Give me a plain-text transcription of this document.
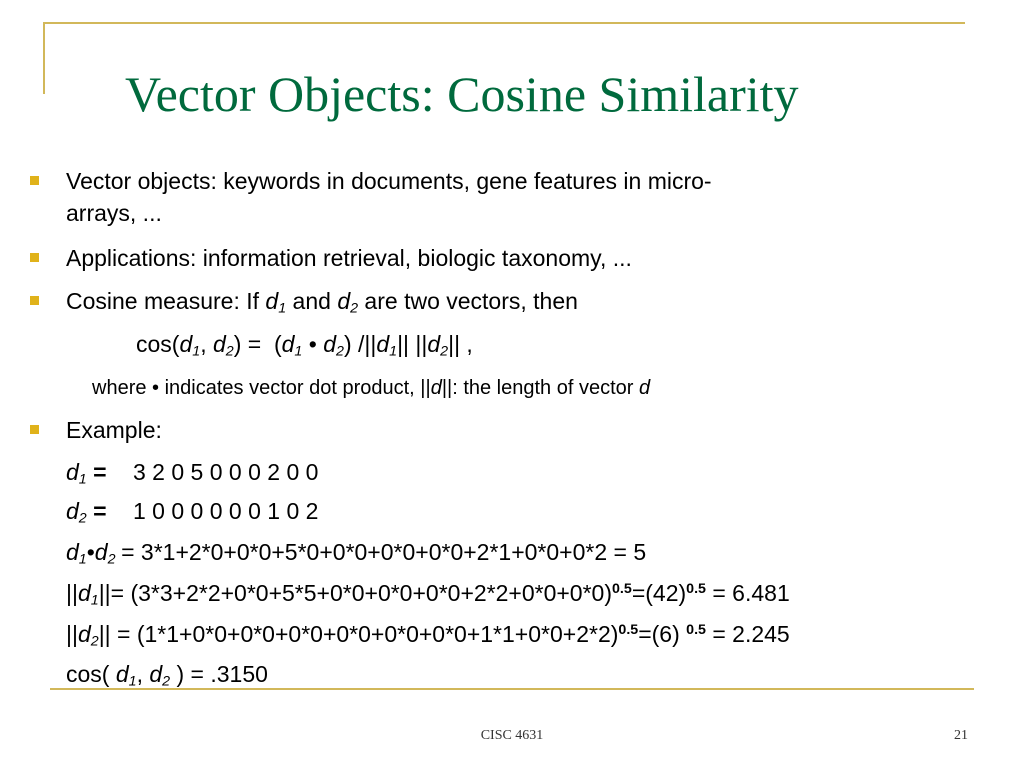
Vector Objects: Cosine Similarity
Vector objects: keywords in documents, gene features in micro-
arrays, ...
Applications: information retrieval, biologic taxonomy, ...
Cosine measure: If $d_1$ and $d_2$ are two vectors, then
$\cos(d_1$, $d_2) = (d_1$ • $d_2$) $/||d_1||$ $||d_2||$ ,
where • indicates vector dot product, ||d||: the length of vector d
Example:
$d_1 = 3$ 2 0 5 0 0 0 2 0 0
$d_2 = 1$ 0 0 0 0 0 0 1 0 2
$d_1•d_2 = 3*1+2*0+0*0+5*0+0*0+0*0+0*0+2*1+0*0+0*2 = 5$
$||d_1||= (3*3+2*2+0*0+5*5+0*0+0*0+0*0+2*2+0*0+0*0)^{0.5}=(42)^{0.5} = 6.481$
$||d_2|| = (1*1+0*0+0*0+0*0+0*0+0*0+0*0+1*1+0*0+2*2)^{0.5}=(6) ^{0.5} = 2.245$
cos( $d_1$, $d_2$ ) = .3150
CISC 4631	21
